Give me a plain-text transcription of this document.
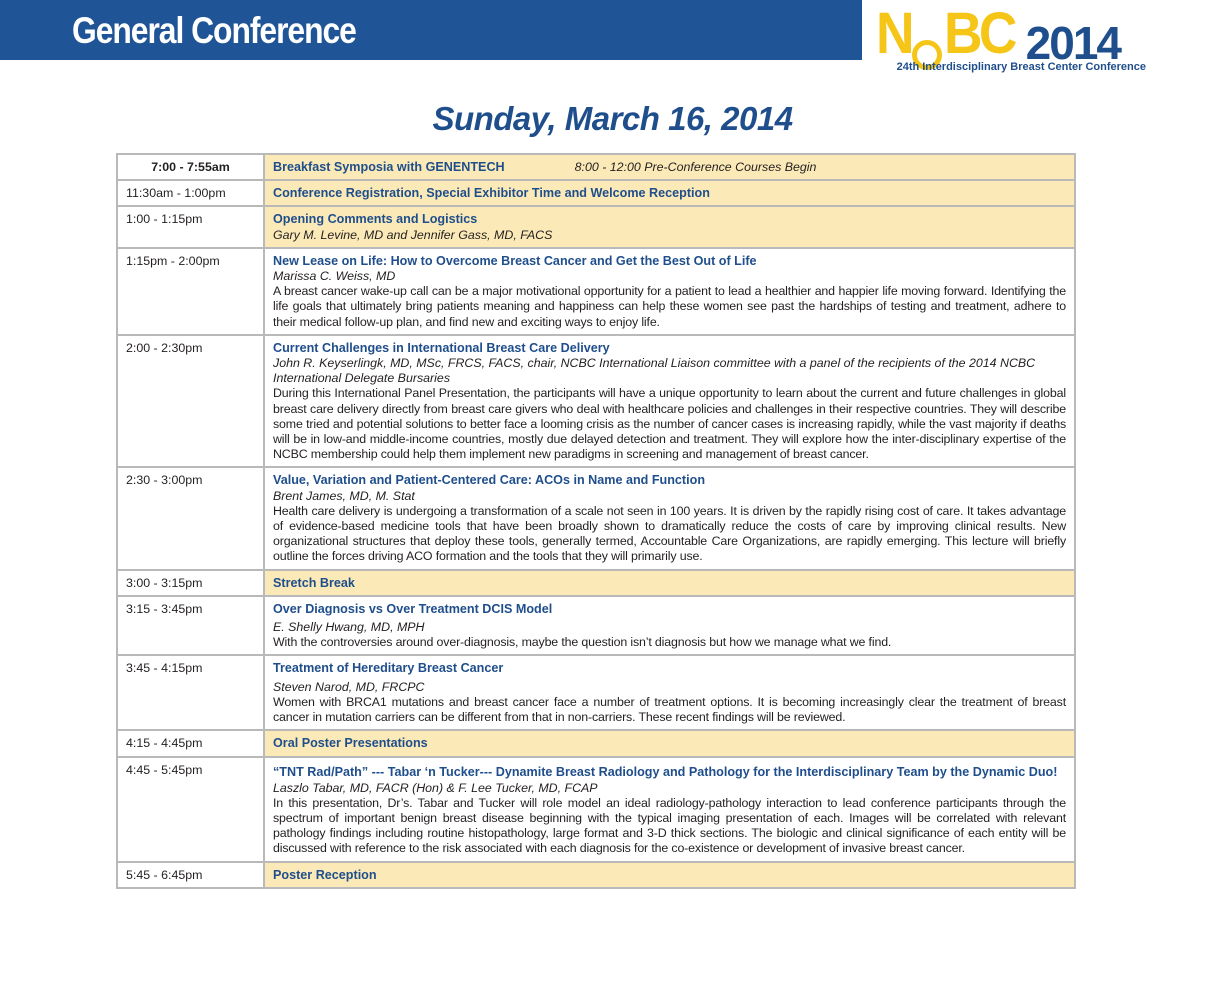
General Conference	N BC 2014
24th Interdisciplinary Breast Center Conference
Sunday, March 16, 2014
7:00 - 7:55am	Breakfast Symposia with GENENTECH 8:00 - 12:00 Pre-Conference Courses Begin
11:30am - 1:00pm	Conference Registration, Special Exhibitor Time and Welcome Reception

1:00 - 1:15pm	Opening Comments and Logistics
Gary M. Levine, MD and Jennifer Gass, MD, FACS

1:15pm - 2:00pm	New Lease on Life: How to Overcome Breast Cancer and Get the Best Out of Life
Marissa C. Weiss, MD
A breast cancer wake-up call can be a major motivational opportunity for a patient to lead a healthier and happier life moving forward. Identifying the life goals that ultimately bring patients meaning and happiness can help these women see past the hardships of testing and treatment, adhere to their medical follow-up plan, and find new and exciting ways to enjoy life.

2:00 - 2:30pm	Current Challenges in International Breast Care Delivery
John R. Keyserlingk, MD, MSc, FRCS, FACS, chair, NCBC International Liaison committee with a panel of the recipients of the 2014 NCBC International Delegate Bursaries
During this International Panel Presentation, the participants will have a unique opportunity to learn about the current and future challenges in global breast care delivery directly from breast care givers who deal with healthcare policies and challenges in their respective countries. They will describe some tried and potential solutions to better face a looming crisis as the number of cancer cases is increasing rapidly, while the vast majority if deaths will be in low-and middle-income countries, mostly due delayed detection and treatment. They will explore how the inter-disciplinary expertise of the NCBC membership could help them implement new paradigms in screening and management of breast cancer.

2:30 - 3:00pm	Value, Variation and Patient-Centered Care: ACOs in Name and Function
Brent James, MD, M. Stat
Health care delivery is undergoing a transformation of a scale not seen in 100 years. It is driven by the rapidly rising cost of care. It takes advantage of evidence-based medicine tools that have been broadly shown to dramatically reduce the costs of care by improving clinical results. New organizational structures that deploy these tools, generally termed, Accountable Care Organizations, are rapidly emerging. This lecture will briefly outline the forces driving ACO formation and the tools that they will primarily use.

3:00 - 3:15pm	Stretch Break

3:15 - 3:45pm	Over Diagnosis vs Over Treatment DCIS Model
E. Shelly Hwang, MD, MPH
With the controversies around over-diagnosis, maybe the question isn’t diagnosis but how we manage what we find.

3:45 - 4:15pm	Treatment of Hereditary Breast Cancer
Steven Narod, MD, FRCPC
Women with BRCA1 mutations and breast cancer face a number of treatment options. It is becoming increasingly clear the treatment of breast cancer in mutation carriers can be different from that in non-carriers. These recent findings will be reviewed.

4:15 - 4:45pm	Oral Poster Presentations

4:45 - 5:45pm	“TNT Rad/Path” --- Tabar ‘n Tucker--- Dynamite Breast Radiology and Pathology for the Interdisciplinary Team by the Dynamic Duo!
Laszlo Tabar, MD, FACR (Hon) & F. Lee Tucker, MD, FCAP
In this presentation, Dr’s. Tabar and Tucker will role model an ideal radiology-pathology interaction to lead conference participants through the spectrum of important benign breast disease beginning with the typical imaging presentation of each. Images will be correlated with relevant pathology findings including routine histopathology, large format and 3-D thick sections. The biologic and clinical significance of each entity will be discussed with reference to the risk associated with each diagnosis for the co-existence or development of invasive breast cancer.

5:45 - 6:45pm	Poster Reception
